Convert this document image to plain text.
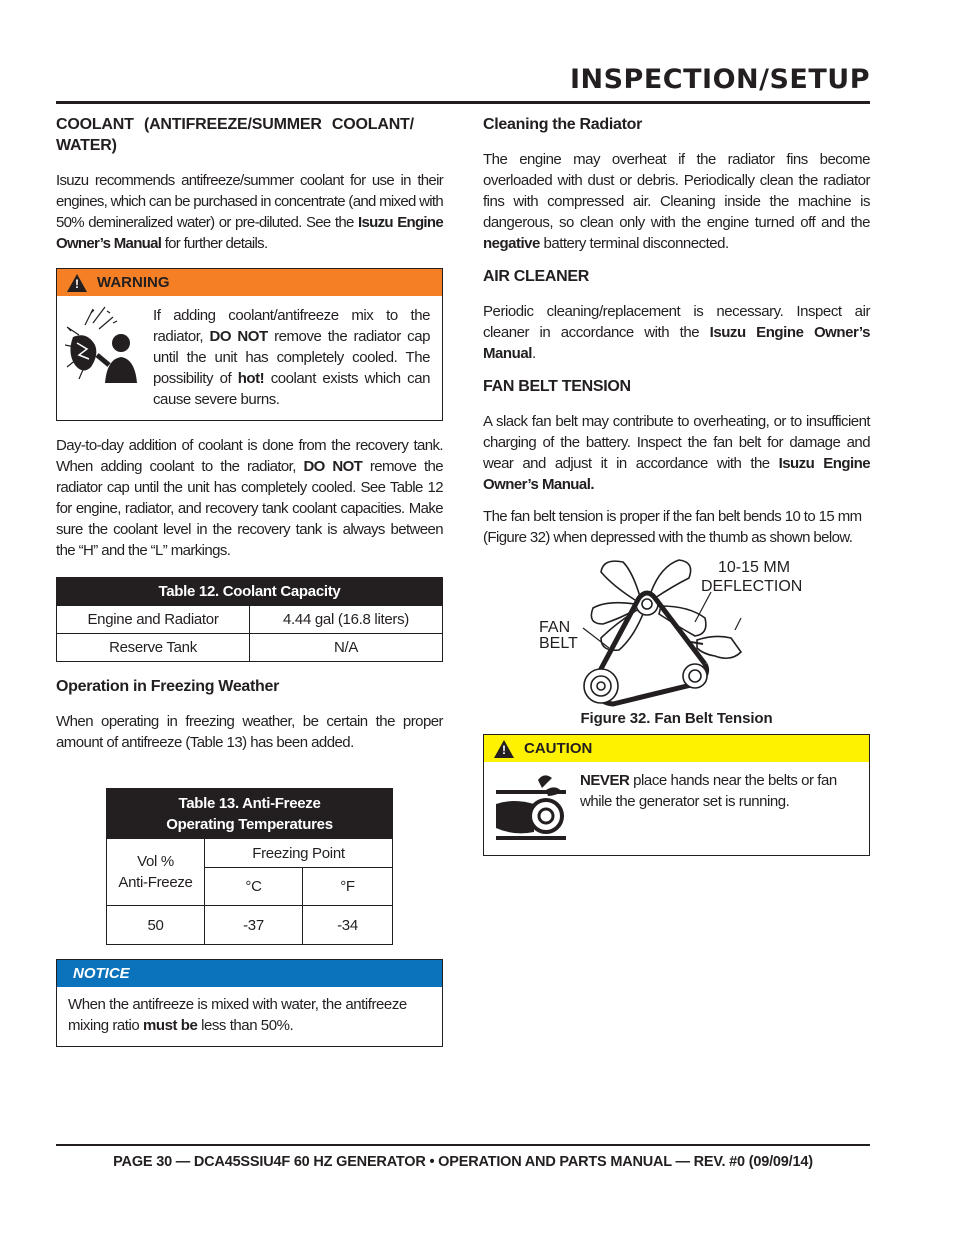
INSPECTION/SETUP
COOLANT (ANTIFREEZE/SUMMER COOLANT/ WATER)

Isuzu recommends antifreeze/summer coolant for use in their engines, which can be purchased in concentrate (and mixed with 50% demineralized water) or pre-diluted. See the Isuzu Engine Owner’s Manual for further details.

! WARNING

If adding coolant/antifreeze mix to the radiator, DO NOT remove the radiator cap until the unit has completely cooled. The possibility of hot! coolant exists which can cause severe burns.

Day-to-day addition of coolant is done from the recovery tank. When adding coolant to the radiator, DO NOT remove the radiator cap until the unit has completely cooled. See Table 12 for engine, radiator, and recovery tank coolant capacities. Make sure the coolant level in the recovery tank is always between the “H” and the “L” markings.

Table 12. Coolant Capacity	
Engine and Radiator	4.44 gal (16.8 liters)
Reserve Tank	N/A
Operation in Freezing Weather

When operating in freezing weather, be certain the proper amount of antifreeze (Table 13) has been added.

Table 13. Anti-Freeze
Operating Temperatures		
Vol %
Anti-Freeze	Freezing Point	
	°C	°F
50	-37	-34
NOTICE

When the antifreeze is mixed with water, the antifreeze mixing ratio must be less than 50%.

Cleaning the Radiator

The engine may overheat if the radiator fins become overloaded with dust or debris. Periodically clean the radiator fins with compressed air. Cleaning inside the machine is dangerous, so clean only with the engine turned off and the negative battery terminal disconnected.

AIR CLEANER

Periodic cleaning/replacement is necessary. Inspect air cleaner in accordance with the Isuzu Engine Owner’s Manual.

FAN BELT TENSION

A slack fan belt may contribute to overheating, or to insufficient charging of the battery. Inspect the fan belt for damage and wear and adjust it in accordance with the Isuzu Engine Owner’s Manual.

The fan belt tension is proper if the fan belt bends 10 to 15 mm (Figure 32) when depressed with the thumb as shown below.

10-15 MM
DEFLECTION
FAN
BELT
Figure 32. Fan Belt Tension
! CAUTION

NEVER place hands near the belts or fan while the generator set is running.

PAGE 30 — DCA45SSIU4F 60 HZ GENERATOR • OPERATION AND PARTS MANUAL — REV. #0 (09/09/14)
